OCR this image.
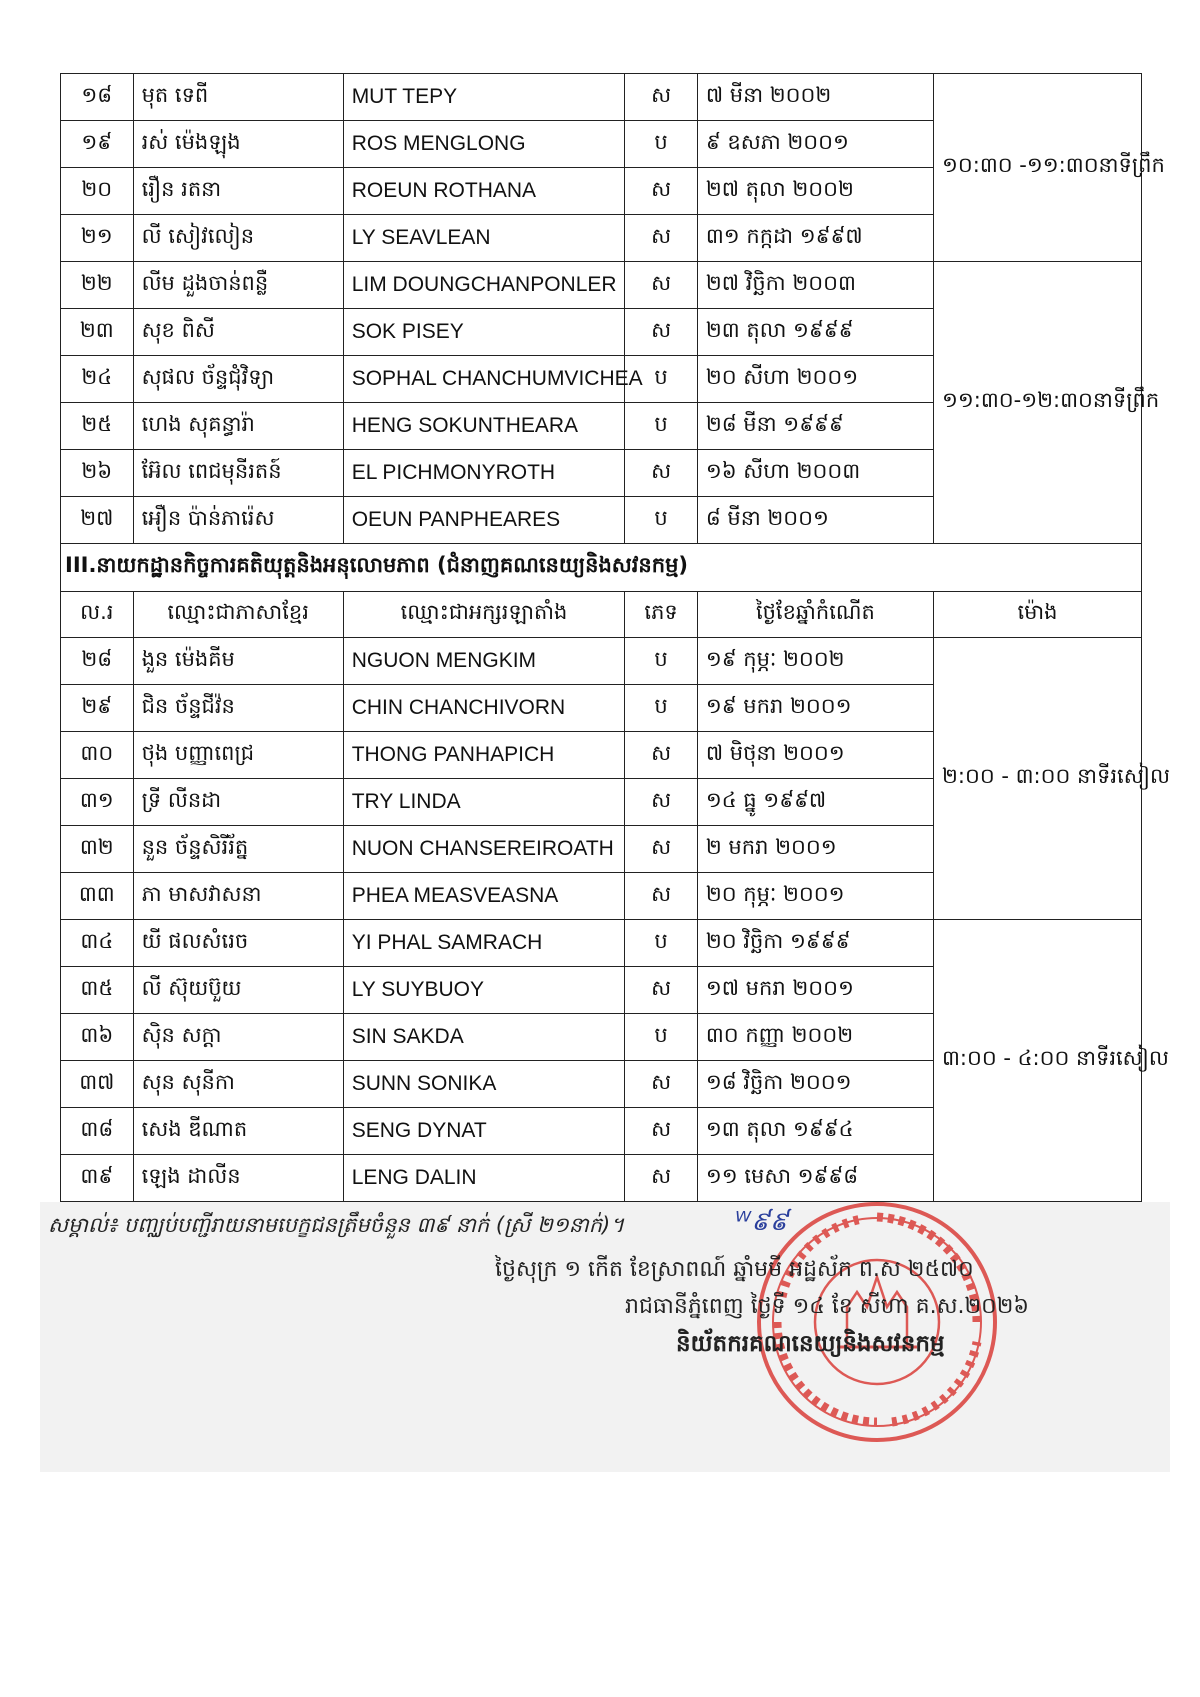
១៨	មុត ទេពី	MUT TEPY	ស	៧ មីនា ២០០២	១០:៣០ -១១:៣០នាទីព្រឹក
១៩	រស់ ម៉េងឡុង	ROS MENGLONG	ប	៩ ឧសភា ២០០១	
២០	រឿន រតនា	ROEUN ROTHANA	ស	២៧ តុលា ២០០២	
២១	លី សៀវលៀន	LY SEAVLEAN	ស	៣១ កក្កដា ១៩៩៧	
២២	លីម ដួងចាន់ពន្លឺ	LIM DOUNGCHANPONLER	ស	២៧ វិច្ឆិកា ២០០៣	១១:៣០-១២:៣០នាទីព្រឹក
២៣	សុខ ពិសី	SOK PISEY	ស	២៣ តុលា ១៩៩៩	
២៤	សុផល ច័ន្ទជុំវិទ្យា	SOPHAL CHANCHUMVICHEA	ប	២០ សីហា ២០០១	
២៥	ហេង សុគន្ធារ៉ា	HENG SOKUNTHEARA	ប	២៨ មីនា ១៩៩៩	
២៦	អ៊ែល ពេជមុនីរតន៍	EL PICHMONYROTH	ស	១៦ សីហា ២០០៣	
២៧	អឿន ប៉ាន់ភារ៉េស	OEUN PANPHEARES	ប	៨ មីនា ២០០១	
III.នាយកដ្ឋានកិច្ចការគតិយុត្តនិងអនុលោមភាព (ជំនាញគណនេយ្យនិងសវនកម្ម)					
ល.រ	ឈ្មោះជាភាសាខ្មែរ	ឈ្មោះជាអក្សរឡាតាំង	ភេទ	ថ្ងៃខែឆ្នាំកំណើត	ម៉ោង
២៨	ងួន ម៉េងគីម	NGUON MENGKIM	ប	១៩ កុម្ភៈ ២០០២	២:០០ - ៣:០០ នាទីរសៀល
២៩	ជិន ច័ន្ទជីវ៉ន	CHIN CHANCHIVORN	ប	១៩ មករា ២០០១	
៣០	ថុង បញ្ញាពេជ្រ	THONG PANHAPICH	ស	៧ មិថុនា ២០០១	
៣១	ទ្រី លីនដា	TRY LINDA	ស	១៤ ធ្នូ ១៩៩៧	
៣២	នួន ច័ន្ទសិរីរ័ត្ន	NUON CHANSEREIROATH	ស	២ មករា ២០០១	
៣៣	ភា មាសវាសនា	PHEA MEASVEASNA	ស	២០ កុម្ភៈ ២០០១	
៣៤	យី ផលសំរេច	YI PHAL SAMRACH	ប	២០ វិច្ឆិកា ១៩៩៩	៣:០០ - ៤:០០ នាទីរសៀល
៣៥	លី ស៊ុយប៊ួយ	LY SUYBUOY	ស	១៧ មករា ២០០១	
៣៦	ស៊ិន សក្ដា	SIN SAKDA	ប	៣០ កញ្ញា ២០០២	
៣៧	សុន សុនីកា	SUNN SONIKA	ស	១៨ វិច្ឆិកា ២០០១	
៣៨	សេង ឌីណាត	SENG DYNAT	ស	១៣ តុលា ១៩៩៤	
៣៩	ឡេង ដាលីន	LENG DALIN	ស	១១ មេសា ១៩៩៨	
សម្គាល់៖ បញ្ឈប់បញ្ជីរាយនាមបេក្ខជនត្រឹមចំនួន ៣៩ នាក់ (ស្រី ២១នាក់)។	ᵂ៩៩
ថ្ងៃសុក្រ ១ កើត ខែស្រាពណ៍ ឆ្នាំមមី អដ្ឋស័ក ព.ស ២៥៧០
រាជធានីភ្នំពេញ ថ្ងៃទី ១៤ ខែ សីហា គ.ស.២០២៦
និយ័តករគណនេយ្យនិងសវនកម្ម
